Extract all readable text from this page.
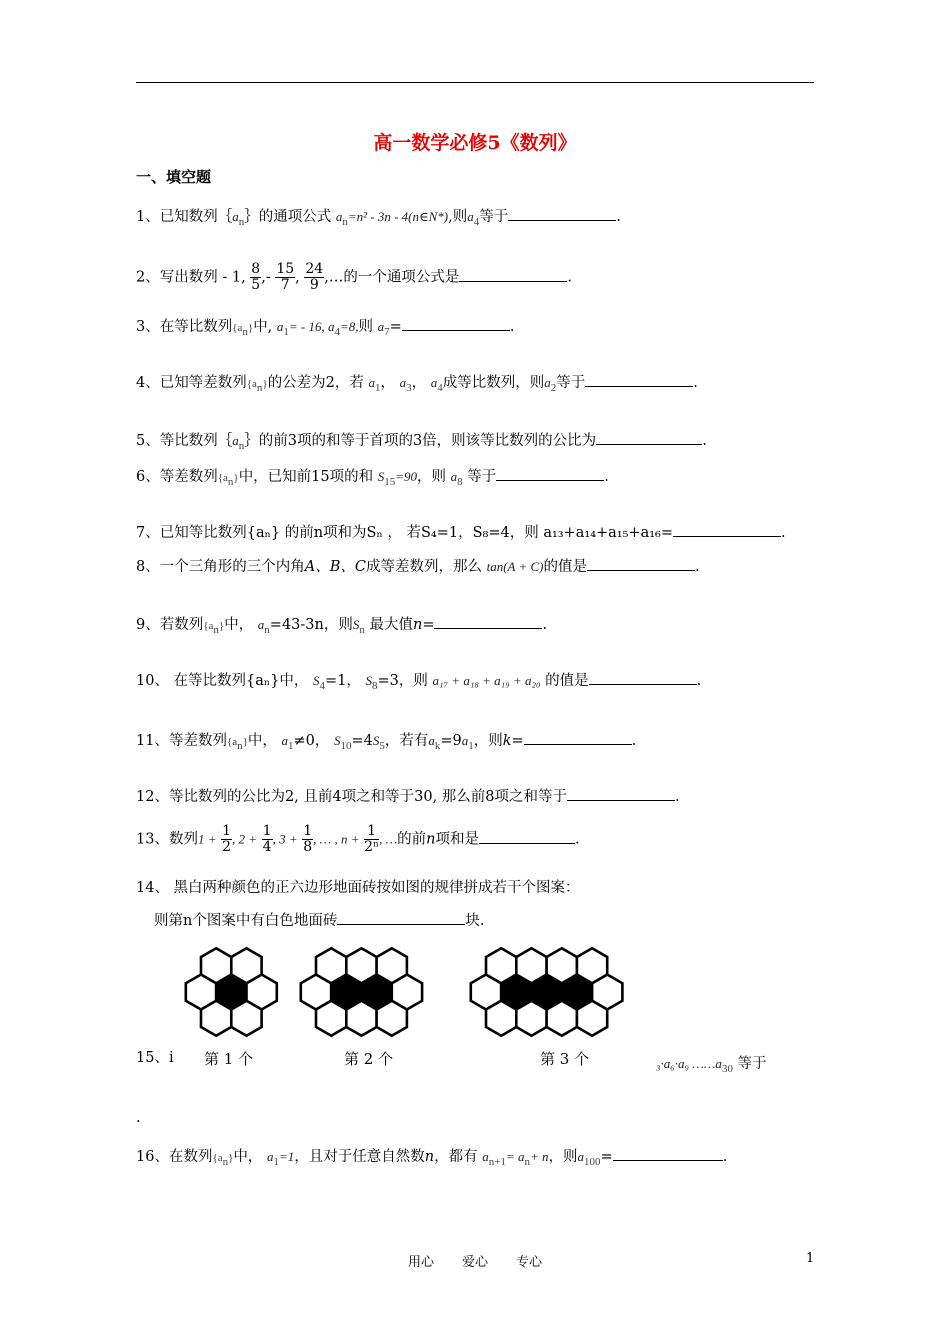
高一数学必修5《数列》
一、填空题
1、已知数列$\{a_n\}$的通项公式 $a_n=n^2 - 3n$ - 4(n∈N*),则$a_4$等于	.
2、写出数列 - 1, $\frac{8}{5}$ ,- $\frac{15}{7}$ , $\frac{24}{9}$ ,…的一个通项公式是	.
3、在等比数列$\{a_n\}$中, $a_1= - 16$, $a_4=8$,则 $a_7=$	.
4、已知等差数列$\{a_n\}$的公差为2，若 $a_1$， $a_3$， $a_4$成等比数列，则$a_2$等于	.
5、等比数列$\{a_n\}$的前3项的和等于首项的3倍，则该等比数列的公比为	.
6、等差数列$\{a_n\}$中，已知前15项的和 $S_{15}=90$，则 $a_8$ 等于	.
7、已知等比数列{aₙ} 的前n项和为Sₙ ， 若S₄=1，S₈=4，则 a₁₃+a₁₄+a₁₅+a₁₆=	.
8、一个三角形的三个内角A、B、C成等差数列，那么 tan(A + C)的值是	.
9、若数列$\{a_n\}$中， $a_n=43-3n$，则$S_n$ 最大值n=	.
10、 在等比数列{aₙ}中， $S_4=1$， $S_8=3$，则 a₁₇ + a₁₈ + a₁₉ + a₂₀ 的值是	.
11、等差数列$\{a_n\}$中， $a_1\ne 0$， $S_{10}=4S_5$，若有$a_k=9a_1$，则k=	.
12、等比数列的公比为2, 且前4项之和等于30, 那么前8项之和等于	.
13、数列$1 + \frac{1}{2}$ , $2 + \frac{1}{4}$ , $3 + \frac{1}{8}$ , … , $n + \frac{1}{\text{2ⁿ}}$ , …的前n项和是	.
14、 黑白两种颜色的正六边形地面砖按如图的规律拼成若干个图案：
则第n个图案中有白色地面砖	块.
第 1 个	第 2 个	第 3 个
15、i	₃·a₆·a₉ $\dots\dots a_{30}$ 等于
.
16、在数列$\{a_n\}$中， $a_1=1$，且对于任意自然数n，都有 $a_{n+1}= a_n+ n$，则$a_{100}=$	.
用心 爱心 专心	1
